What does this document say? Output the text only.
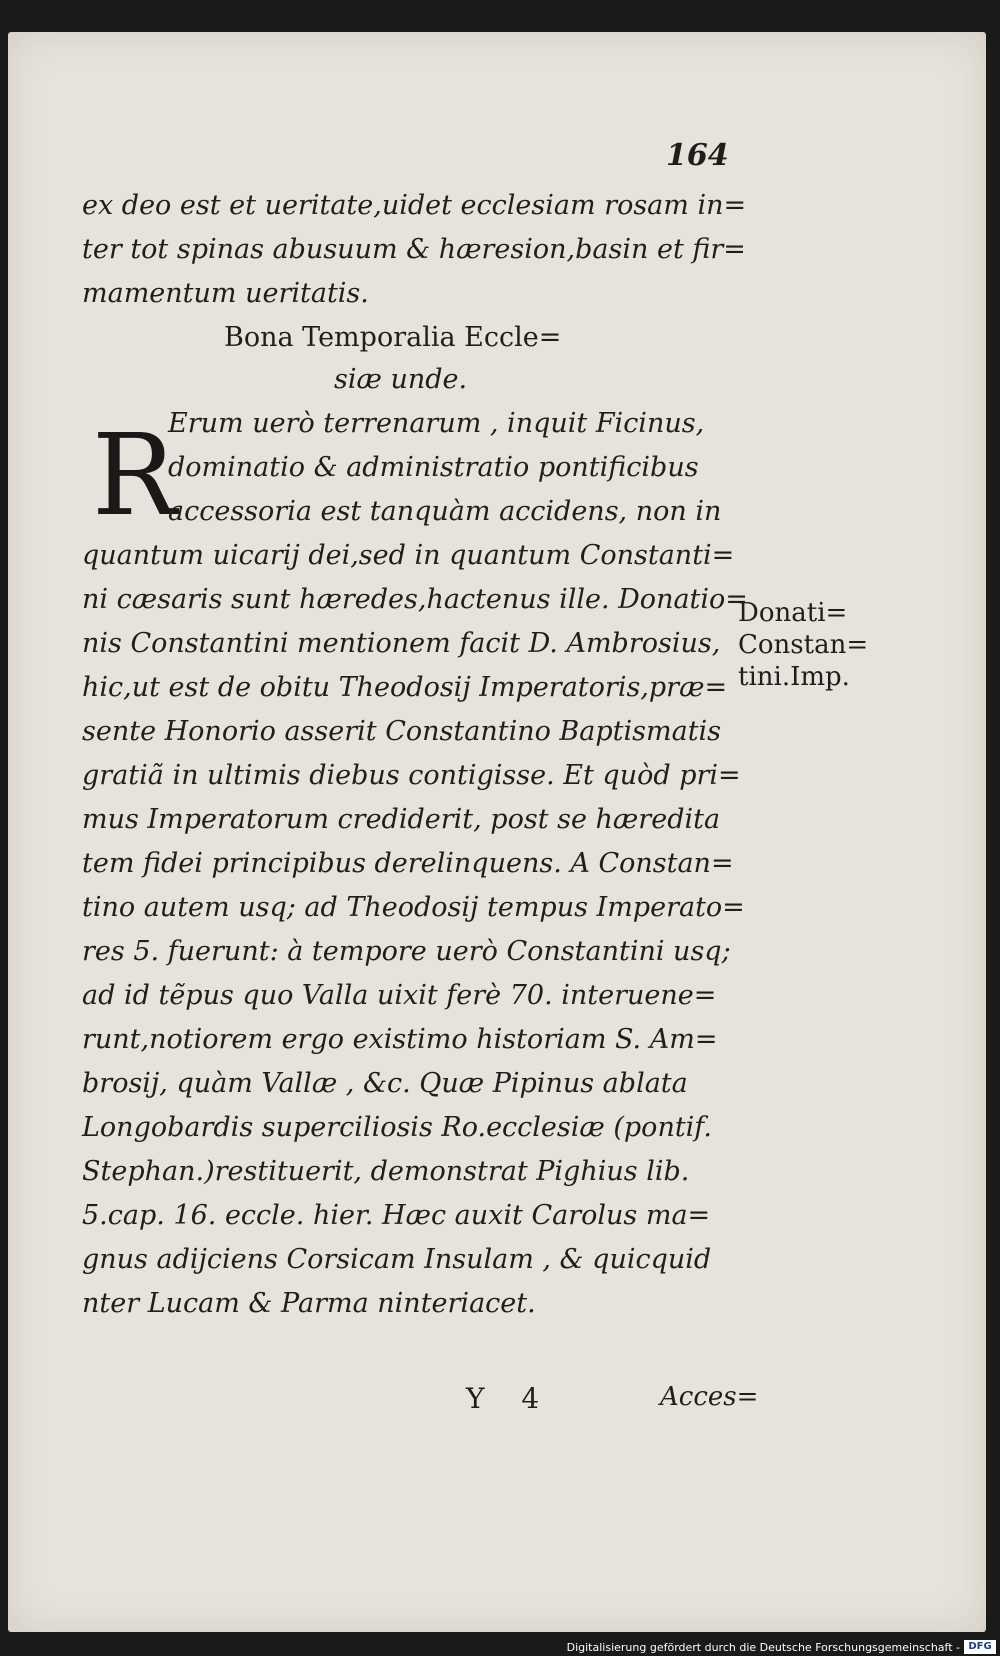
164
ex deo est et ueritate,uidet ecclesiam rosam in=
ter tot spinas abusuum & hæresion,basin et fir=
mamentum ueritatis.
Bona Temporalia Eccle=
siæ unde.
R
Erum uerò terrenarum , inquit Ficinus,
dominatio & administratio pontificibus
accessoria est tanquàm accidens, non in
quantum uicarij dei,sed in quantum Constanti=
ni cæsaris sunt hæredes,hactenus ille. Donatio=
nis Constantini mentionem facit D. Ambrosius,
hic,ut est de obitu Theodosij Imperatoris,præ=
sente Honorio asserit Constantino Baptismatis
gratiã in ultimis diebus contigisse. Et quòd pri=
mus Imperatorum crediderit, post se hæredita
tem fidei principibus derelinquens. A Constan=
tino autem usq; ad Theodosij tempus Imperato=
res 5. fuerunt: à tempore uerò Constantini usq;
ad id tẽpus quo Valla uixit ferè 70. interuene=
runt,notiorem ergo existimo historiam S. Am=
brosij, quàm Vallæ , &c. Quæ Pipinus ablata
Longobardis superciliosis Ro.ecclesiæ (pontif.
Stephan.)restituerit, demonstrat Pighius lib.
5.cap. 16. eccle. hier. Hæc auxit Carolus ma=
gnus adijciens Corsicam Insulam , & quicquid
nter Lucam & Parma ninteriacet.
Donati=
Constan=
tini.Imp.
Y 4	Acces=
Digitalisierung gefördert durch die Deutsche Forschungsgemeinschaft - DFG
